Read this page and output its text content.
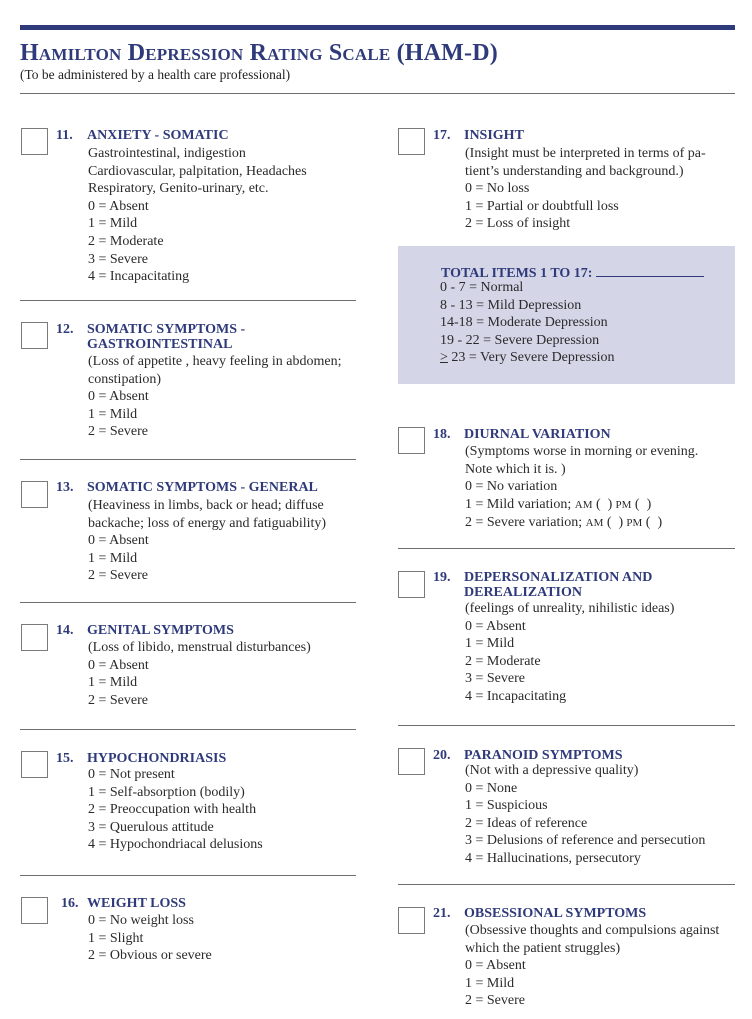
Hamilton Depression Rating Scale (HAM-D)
(To be administered by a health care professional)
11. ANXIETY - SOMATIC
Gastrointestinal, indigestion
Cardiovascular, palpitation, Headaches
Respiratory, Genito-urinary, etc.
0 = Absent
1 = Mild
2 = Moderate
3 = Severe
4 = Incapacitating
12. SOMATIC SYMPTOMS -
GASTROINTESTINAL
(Loss of appetite , heavy feeling in abdomen;
constipation)
0 = Absent
1 = Mild
2 = Severe
13. SOMATIC SYMPTOMS - GENERAL
(Heaviness in limbs, back or head; diffuse
backache; loss of energy and fatiguability)
0 = Absent
1 = Mild
2 = Severe
14. GENITAL SYMPTOMS
(Loss of libido, menstrual disturbances)
0 = Absent
1 = Mild
2 = Severe
15. HYPOCHONDRIASIS
0 = Not present
1 = Self-absorption (bodily)
2 = Preoccupation with health
3 = Querulous attitude
4 = Hypochondriacal delusions
16. WEIGHT LOSS
0 = No weight loss
1 = Slight
2 = Obvious or severe
17. INSIGHT
(Insight must be interpreted in terms of pa-
tient’s understanding and background.)
0 = No loss
1 = Partial or doubtfull loss
2 = Loss of insight
TOTAL ITEMS 1 TO 17:
0 - 7 = Normal
8 - 13 = Mild Depression
14-18 = Moderate Depression
19 - 22 = Severe Depression
> 23 = Very Severe Depression
18. DIURNAL VARIATION
(Symptoms worse in morning or evening.
Note which it is. )
0 = No variation
1 = Mild variation; AM (  ) PM (  )
2 = Severe variation; AM (  ) PM (  )
19. DEPERSONALIZATION AND
DEREALIZATION
(feelings of unreality, nihilistic ideas)
0 = Absent
1 = Mild
2 = Moderate
3 = Severe
4 = Incapacitating
20. PARANOID SYMPTOMS
(Not with a depressive quality)
0 = None
1 = Suspicious
2 = Ideas of reference
3 = Delusions of reference and persecution
4 = Hallucinations, persecutory
21. OBSESSIONAL SYMPTOMS
(Obsessive thoughts and compulsions against
which the patient struggles)
0 = Absent
1 = Mild
2 = Severe
